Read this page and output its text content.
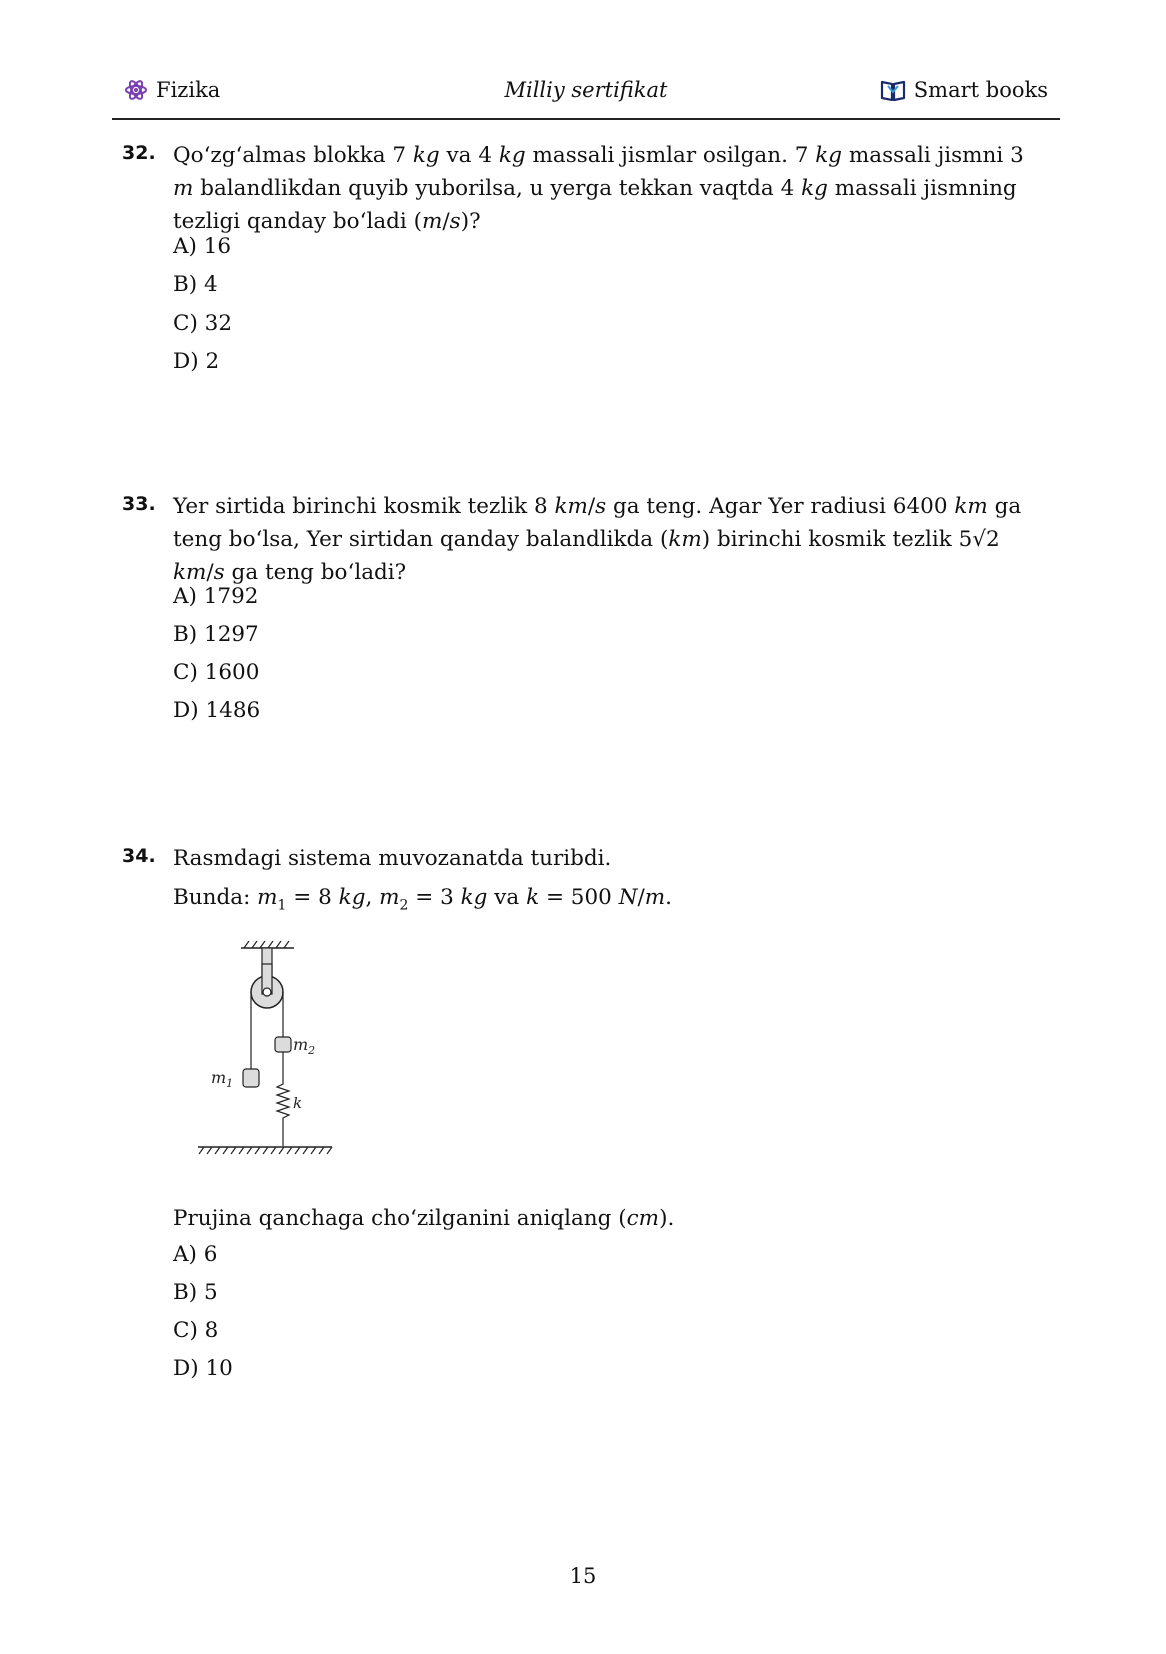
Fizika	Milliy sertifikat	Smart books
32. Qo‘zg‘almas blokka 7 kg va 4 kg massali jismlar osilgan. 7 kg massali jismni 3 m balandlikdan quyib yuborilsa, u yerga tekkan vaqtda 4 kg massali jismning tezligi qanday bo‘ladi (m/s)?
A) 16
B) 4
C) 32
D) 2
33. Yer sirtida birinchi kosmik tezlik 8 km/s ga teng. Agar Yer radiusi 6400 km ga teng bo‘lsa, Yer sirtidan qanday balandlikda (km) birinchi kosmik tezlik 5√2 km/s ga teng bo‘ladi?
A) 1792
B) 1297
C) 1600
D) 1486
34. Rasmdagi sistema muvozanatda turibdi.
Bunda: $m_1 = 8$ kg, $m_2 = 3$ kg va k = 500 N/m.
Prujina qanchaga cho‘zilganini aniqlang (cm).
A) 6
B) 5
C) 8
D) 10
$m_1$
$m_2$
k
15
